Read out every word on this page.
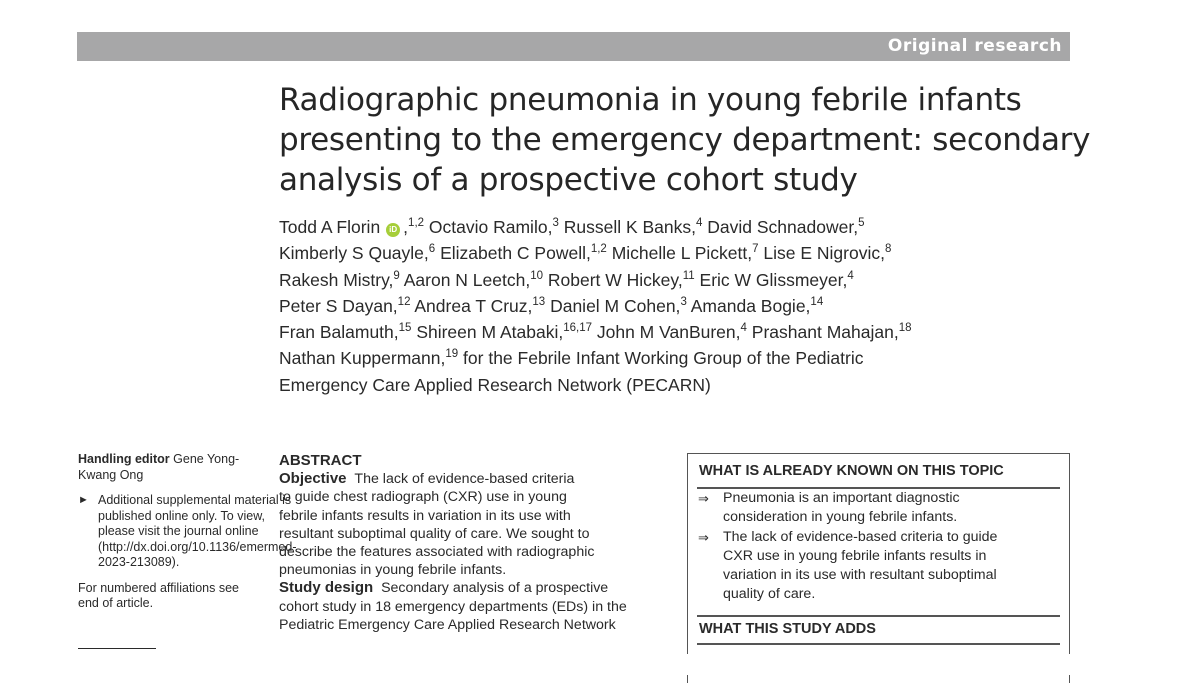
Original research
Radiographic pneumonia in young febrile infants
presenting to the emergency department: secondary
analysis of a prospective cohort study
Todd A Florin iD ,$^{1,2}$ Octavio Ramilo,$^3$ Russell K Banks,$^4$ David Schnadower,$^5$
Kimberly S Quayle,$^6$ Elizabeth C Powell,$^{1,2}$ Michelle L Pickett,$^7$ Lise E Nigrovic,$^8$
Rakesh Mistry,$^9$ Aaron N Leetch,$^{10}$ Robert W Hickey,$^{11}$ Eric W Glissmeyer,$^4$
Peter S Dayan,$^{12}$ Andrea T Cruz,$^{13}$ Daniel M Cohen,$^3$ Amanda Bogie,$^{14}$
Fran Balamuth,$^{15}$ Shireen M Atabaki,$^{16,17}$ John M VanBuren,$^4$ Prashant Mahajan,$^{18}$
Nathan Kuppermann,$^{19}$ for the Febrile Infant Working Group of the Pediatric
Emergency Care Applied Research Network (PECARN)
Handling editor Gene Yong-Kwang Ong
► Additional supplemental material is published online only. To view, please visit the journal online (http://dx.doi.org/10.1136/emermed-2023-213089).
For numbered affiliations see end of article.
ABSTRACT
Objective The lack of evidence-based criteria
to guide chest radiograph (CXR) use in young
febrile infants results in variation in its use with
resultant suboptimal quality of care. We sought to
describe the features associated with radiographic
pneumonias in young febrile infants.
Study design Secondary analysis of a prospective
cohort study in 18 emergency departments (EDs) in the
Pediatric Emergency Care Applied Research Network
WHAT IS ALREADY KNOWN ON THIS TOPIC
⇒ Pneumonia is an important diagnostic
consideration in young febrile infants.
⇒ The lack of evidence-based criteria to guide
CXR use in young febrile infants results in
variation in its use with resultant suboptimal
quality of care.
WHAT THIS STUDY ADDS
